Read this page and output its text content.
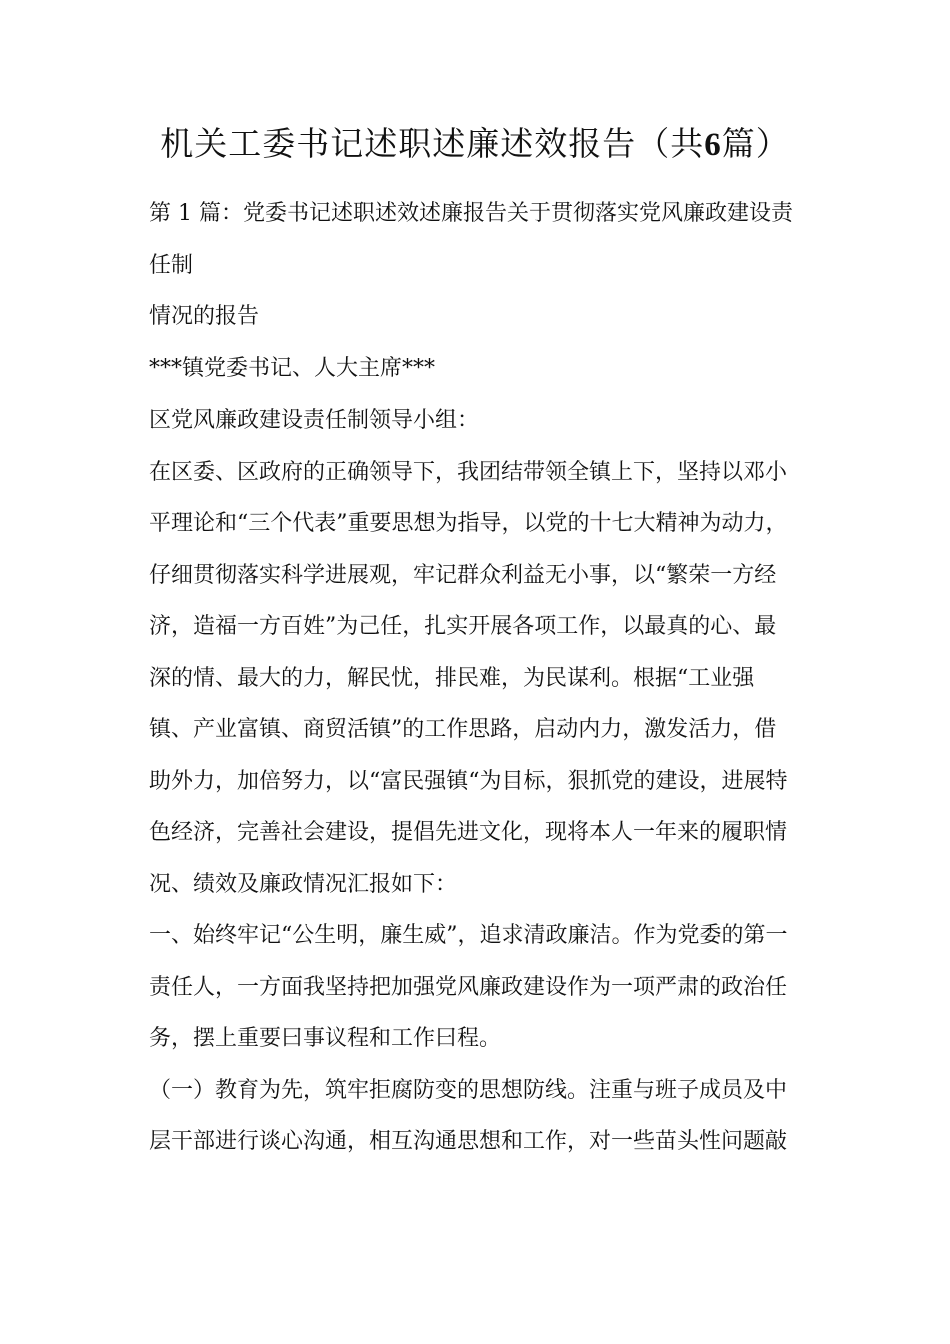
机关工委书记述职述廉述效报告（共6篇）
第 1 篇：党委书记述职述效述廉报告关于贯彻落实党风廉政建设责
任制
情况的报告
***镇党委书记、人大主席***
区党风廉政建设责任制领导小组：
在区委、区政府的正确领导下，我团结带领全镇上下，坚持以邓小
平理论和“三个代表”重要思想为指导，以党的十七大精神为动力，
仔细贯彻落实科学进展观，牢记群众利益无小事，以“繁荣一方经
济，造福一方百姓”为己任，扎实开展各项工作，以最真的心、最
深的情、最大的力，解民忧，排民难，为民谋利。根据“工业强
镇、产业富镇、商贸活镇”的工作思路，启动内力，激发活力，借
助外力，加倍努力，以“富民强镇“为目标，狠抓党的建设，进展特
色经济，完善社会建设，提倡先进文化，现将本人一年来的履职情
况、绩效及廉政情况汇报如下：
一、始终牢记“公生明，廉生威”，追求清政廉洁。作为党委的第一
责任人，一方面我坚持把加强党风廉政建设作为一项严肃的政治任
务，摆上重要曰事议程和工作曰程。
（一）教育为先，筑牢拒腐防变的思想防线。注重与班子成员及中
层干部进行谈心沟通，相互沟通思想和工作，对一些苗头性问题敲
